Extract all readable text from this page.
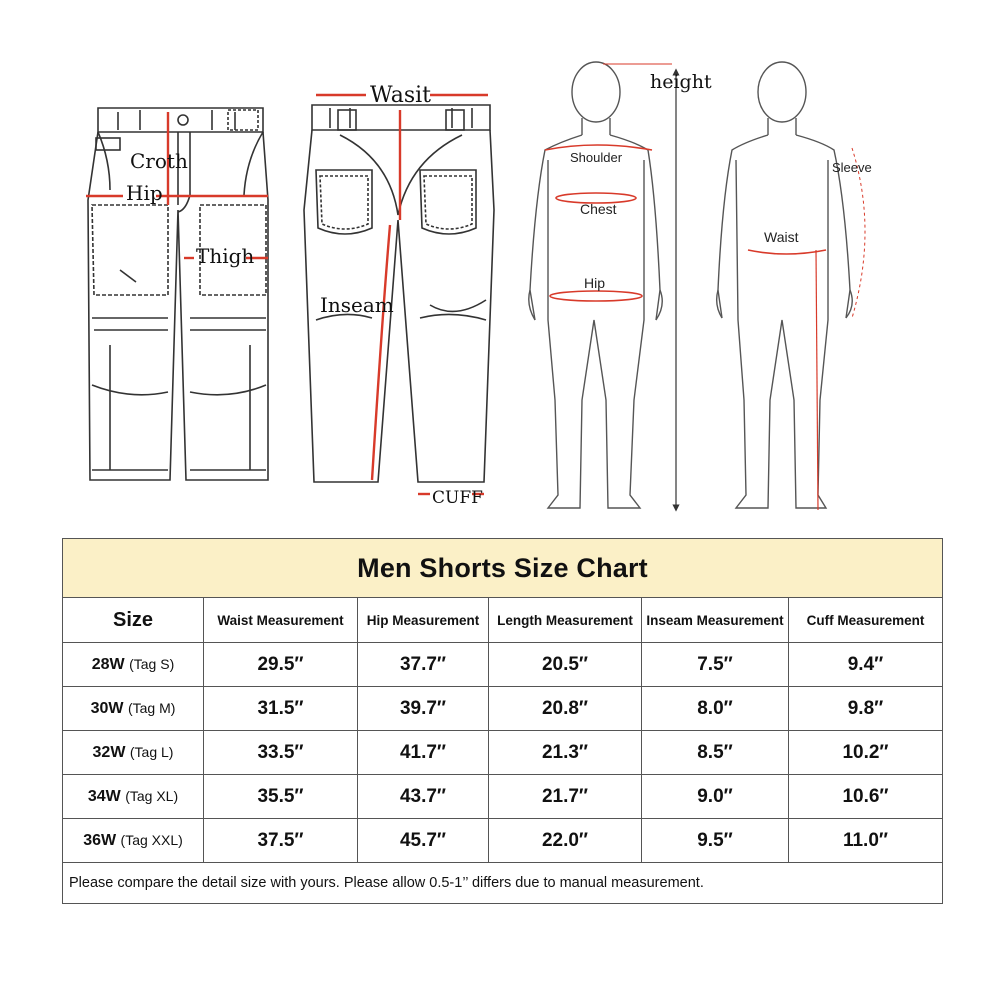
Croth
Hip
Thigh
Wasit
Inseam
CUFF
height
Shoulder
Chest
Hip
Sleeve
Waist
Men Shorts Size Chart					
Size	Waist Measurement	Hip Measurement	Length Measurement	Inseam Measurement	Cuff Measurement
28W (Tag S)	29.5″	37.7″	20.5″	7.5″	9.4″
30W (Tag M)	31.5″	39.7″	20.8″	8.0″	9.8″
32W (Tag L)	33.5″	41.7″	21.3″	8.5″	10.2″
34W (Tag XL)	35.5″	43.7″	21.7″	9.0″	10.6″
36W (Tag XXL)	37.5″	45.7″	22.0″	9.5″	11.0″
Please compare the detail size with yours. Please allow 0.5-1’’ differs due to manual measurement.					
